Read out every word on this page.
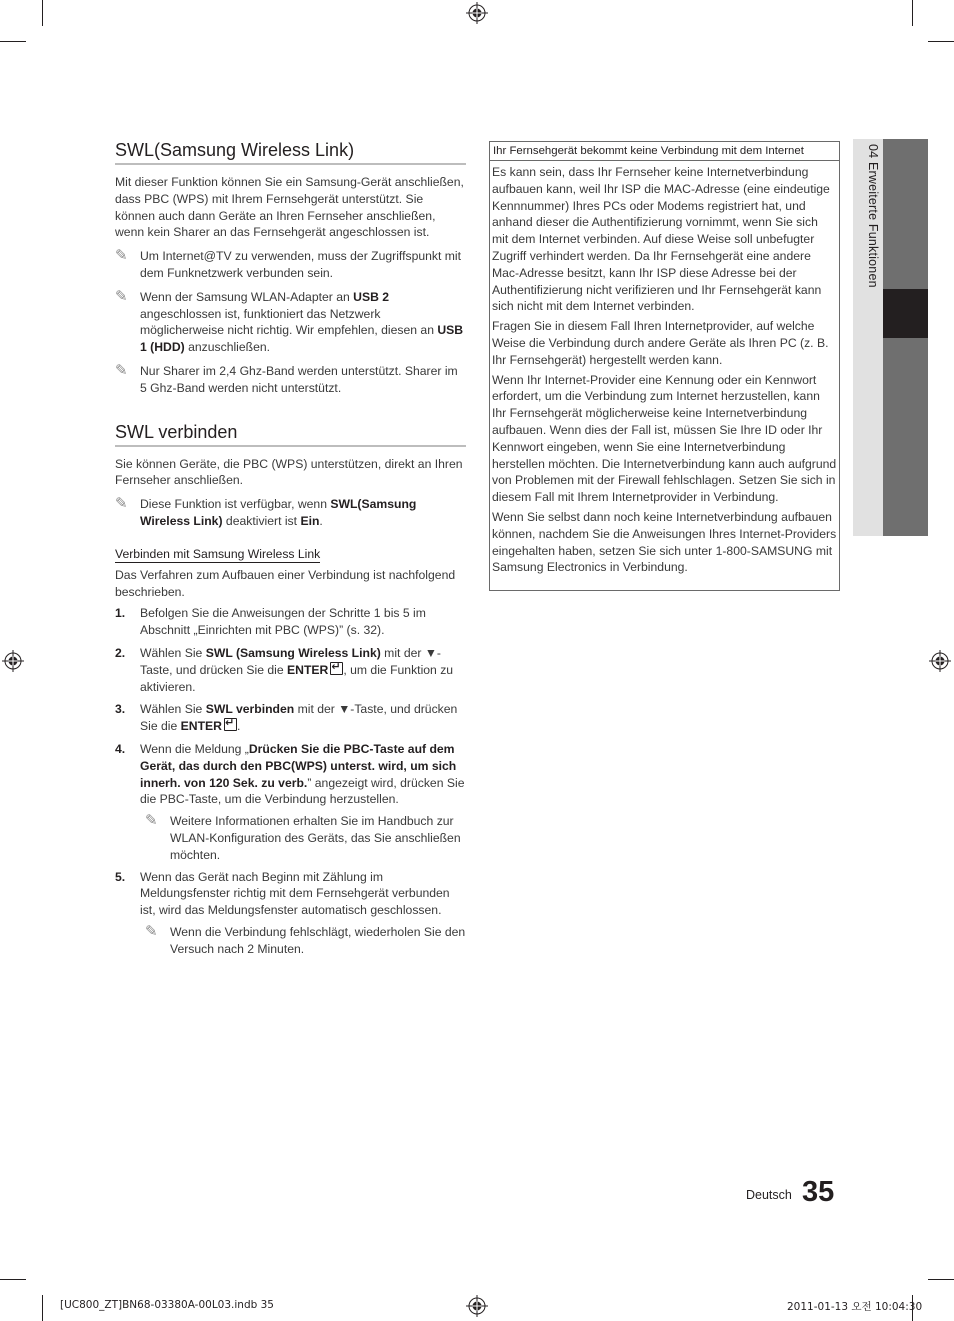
04 Erweiterte Funktionen
SWL(Samsung Wireless Link)

Mit dieser Funktion können Sie ein Samsung-Gerät anschließen, dass PBC (WPS) mit Ihrem Fernsehgerät unterstützt. Sie können auch dann Geräte an Ihren Fernseher anschließen, wenn kein Sharer an das Fernsehgerät angeschlossen ist.

✎ Um Internet@TV zu verwenden, muss der Zugriffspunkt mit dem Funknetzwerk verbunden sein.
✎ Wenn der Samsung WLAN-Adapter an USB 2 angeschlossen ist, funktioniert das Netzwerk möglicherweise nicht richtig. Wir empfehlen, diesen an USB 1 (HDD) anzuschließen.
✎ Nur Sharer im 2,4 Ghz-Band werden unterstützt. Sharer im 5 Ghz-Band werden nicht unterstützt.
SWL verbinden

Sie können Geräte, die PBC (WPS) unterstützen, direkt an Ihren Fernseher anschließen.

✎ Diese Funktion ist verfügbar, wenn SWL(Samsung Wireless Link) deaktiviert ist Ein.
Verbinden mit Samsung Wireless Link

Das Verfahren zum Aufbauen einer Verbindung ist nachfolgend beschrieben.

1. Befolgen Sie die Anweisungen der Schritte 1 bis 5 im Abschnitt „Einrichten mit PBC (WPS)” (s. 32).
2. Wählen Sie SWL (Samsung Wireless Link) mit der ▼-Taste, und drücken Sie die ENTER ↵ , um die Funktion zu aktivieren.
3. Wählen Sie SWL verbinden mit der ▼-Taste, und drücken Sie die ENTER ↵ .
4. Wenn die Meldung „Drücken Sie die PBC-Taste auf dem Gerät, das durch den PBC(WPS) unterst. wird, um sich innerh. von 120 Sek. zu verb.” angezeigt wird, drücken Sie die PBC-Taste, um die Verbindung herzustellen.
✎ Weitere Informationen erhalten Sie im Handbuch zur WLAN-Konfiguration des Geräts, das Sie anschließen möchten.
5. Wenn das Gerät nach Beginn mit Zählung im Meldungsfenster richtig mit dem Fernsehgerät verbunden ist, wird das Meldungsfenster automatisch geschlossen.
✎ Wenn die Verbindung fehlschlägt, wiederholen Sie den Versuch nach 2 Minuten.
Ihr Fernsehgerät bekommt keine Verbindung mit dem Internet

Es kann sein, dass Ihr Fernseher keine Internetverbindung aufbauen kann, weil Ihr ISP die MAC-Adresse (eine eindeutige Kennnummer) Ihres PCs oder Modems registriert hat, und anhand dieser die Authentifizierung vornimmt, wenn Sie sich mit dem Internet verbinden. Auf diese Weise soll unbefugter Zugriff verhindert werden. Da Ihr Fernsehgerät eine andere Mac-Adresse besitzt, kann Ihr ISP diese Adresse bei der Authentifizierung nicht verifizieren und Ihr Fernsehgerät kann sich nicht mit dem Internet verbinden.

Fragen Sie in diesem Fall Ihren Internetprovider, auf welche Weise die Verbindung durch andere Geräte als Ihren PC (z. B. Ihr Fernsehgerät) hergestellt werden kann.

Wenn Ihr Internet-Provider eine Kennung oder ein Kennwort erfordert, um die Verbindung zum Internet herzustellen, kann Ihr Fernsehgerät möglicherweise keine Internetverbindung aufbauen. Wenn dies der Fall ist, müssen Sie Ihre ID oder Ihr Kennwort eingeben, wenn Sie eine Internetverbindung herstellen möchten. Die Internetverbindung kann auch aufgrund von Problemen mit der Firewall fehlschlagen. Setzen Sie sich in diesem Fall mit Ihrem Internetprovider in Verbindung.

Wenn Sie selbst dann noch keine Internetverbindung aufbauen können, nachdem Sie die Anweisungen Ihres Internet-Providers eingehalten haben, setzen Sie sich unter 1-800-SAMSUNG mit Samsung Electronics in Verbindung.

Deutsch 35
[UC800_ZT]BN68-03380A-00L03.indb 35	2011-01-13 오전 10:04:30
